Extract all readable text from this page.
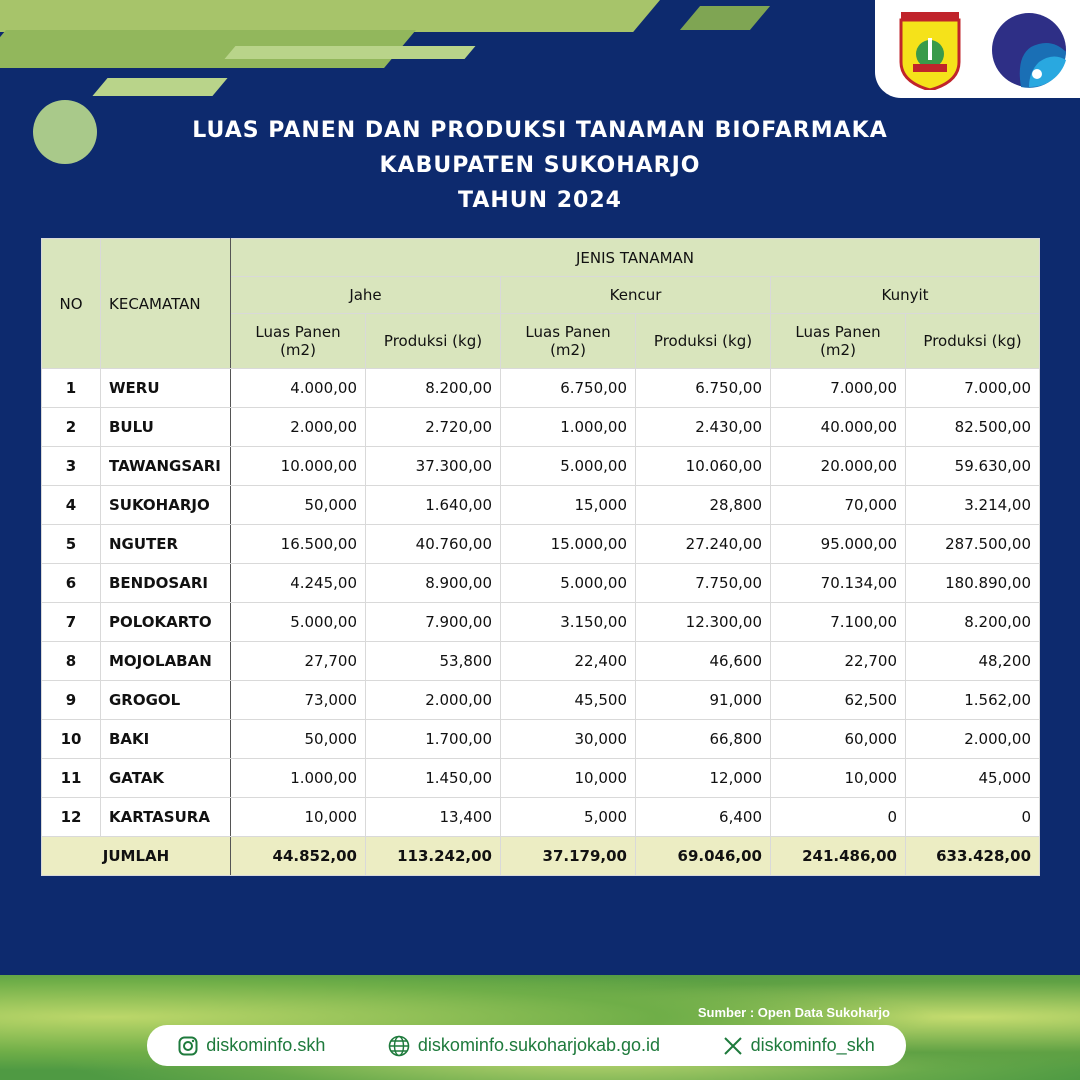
LUAS PANEN DAN PRODUKSI TANAMAN BIOFARMAKA
KABUPATEN SUKOHARJO
TAHUN 2024
NO	KECAMATAN	JENIS TANAMAN					
		Jahe		Kencur		Kunyit	
		Luas Panen (m2)	Produksi (kg)	Luas Panen (m2)	Produksi (kg)	Luas Panen (m2)	Produksi (kg)
1	WERU	4.000,00	8.200,00	6.750,00	6.750,00	7.000,00	7.000,00
2	BULU	2.000,00	2.720,00	1.000,00	2.430,00	40.000,00	82.500,00
3	TAWANGSARI	10.000,00	37.300,00	5.000,00	10.060,00	20.000,00	59.630,00
4	SUKOHARJO	50,000	1.640,00	15,000	28,800	70,000	3.214,00
5	NGUTER	16.500,00	40.760,00	15.000,00	27.240,00	95.000,00	287.500,00
6	BENDOSARI	4.245,00	8.900,00	5.000,00	7.750,00	70.134,00	180.890,00
7	POLOKARTO	5.000,00	7.900,00	3.150,00	12.300,00	7.100,00	8.200,00
8	MOJOLABAN	27,700	53,800	22,400	46,600	22,700	48,200
9	GROGOL	73,000	2.000,00	45,500	91,000	62,500	1.562,00
10	BAKI	50,000	1.700,00	30,000	66,800	60,000	2.000,00
11	GATAK	1.000,00	1.450,00	10,000	12,000	10,000	45,000
12	KARTASURA	10,000	13,400	5,000	6,400	0	0
JUMLAH		44.852,00	113.242,00	37.179,00	69.046,00	241.486,00	633.428,00
Sumber : Open Data Sukoharjo
diskominfo.skh	diskominfo.sukoharjokab.go.id	diskominfo_skh
